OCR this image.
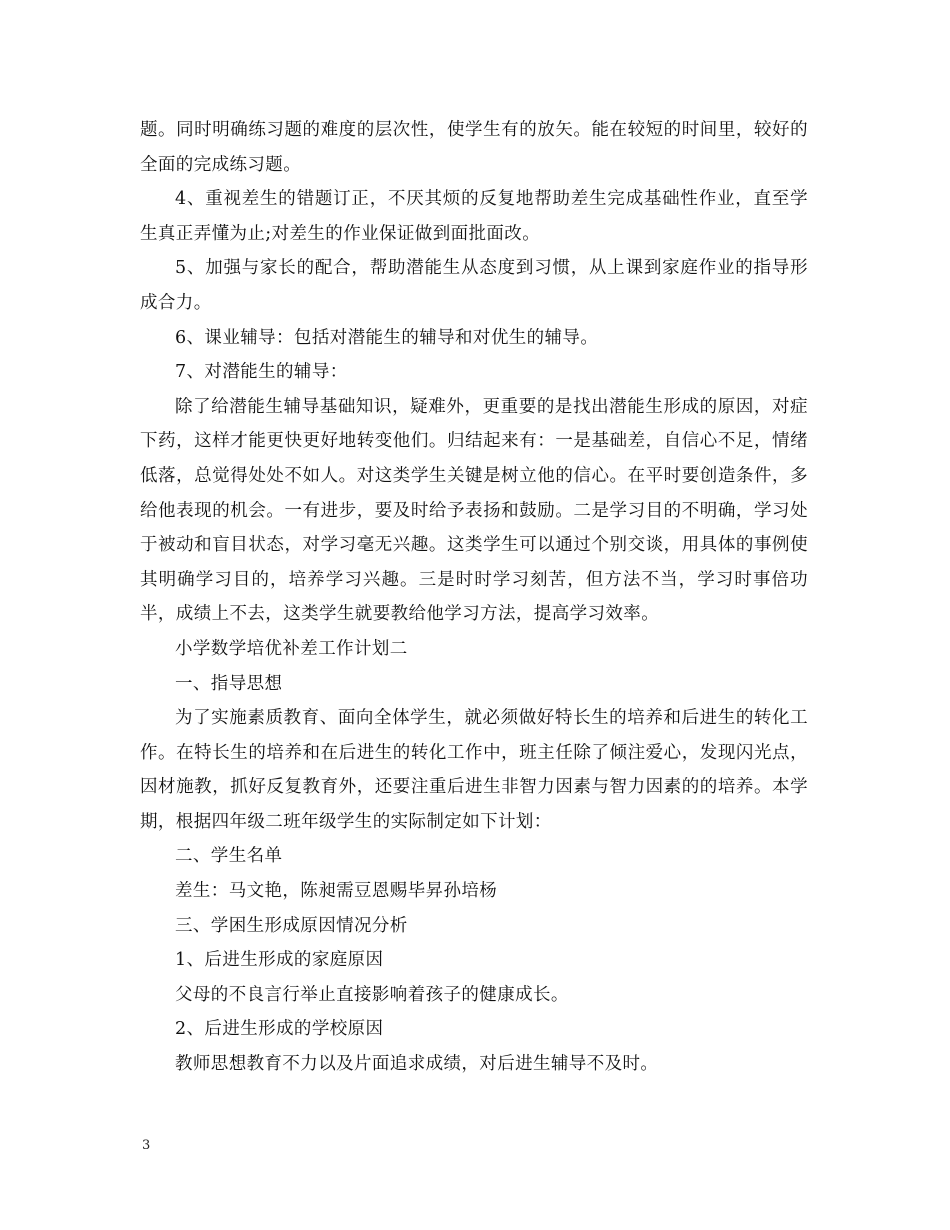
题。同时明确练习题的难度的层次性，使学生有的放矢。能在较短的时间里，较好的全面的完成练习题。

4、重视差生的错题订正，不厌其烦的反复地帮助差生完成基础性作业，直至学生真正弄懂为止;对差生的作业保证做到面批面改。

5、加强与家长的配合，帮助潜能生从态度到习惯，从上课到家庭作业的指导形成合力。

6、课业辅导：包括对潜能生的辅导和对优生的辅导。

7、对潜能生的辅导：

除了给潜能生辅导基础知识，疑难外，更重要的是找出潜能生形成的原因，对症下药，这样才能更快更好地转变他们。归结起来有：一是基础差，自信心不足，情绪低落，总觉得处处不如人。对这类学生关键是树立他的信心。在平时要创造条件，多给他表现的机会。一有进步，要及时给予表扬和鼓励。二是学习目的不明确，学习处于被动和盲目状态，对学习毫无兴趣。这类学生可以通过个别交谈，用具体的事例使其明确学习目的，培养学习兴趣。三是时时学习刻苦，但方法不当，学习时事倍功半，成绩上不去，这类学生就要教给他学习方法，提高学习效率。

小学数学培优补差工作计划二

一、指导思想

为了实施素质教育、面向全体学生，就必须做好特长生的培养和后进生的转化工作。在特长生的培养和在后进生的转化工作中，班主任除了倾注爱心，发现闪光点，因材施教，抓好反复教育外，还要注重后进生非智力因素与智力因素的的培养。本学期，根据四年级二班年级学生的实际制定如下计划：

二、学生名单

差生：马文艳，陈昶需豆恩赐毕昇孙培杨

三、学困生形成原因情况分析

1、后进生形成的家庭原因

父母的不良言行举止直接影响着孩子的健康成长。

2、后进生形成的学校原因

教师思想教育不力以及片面追求成绩，对后进生辅导不及时。

3
